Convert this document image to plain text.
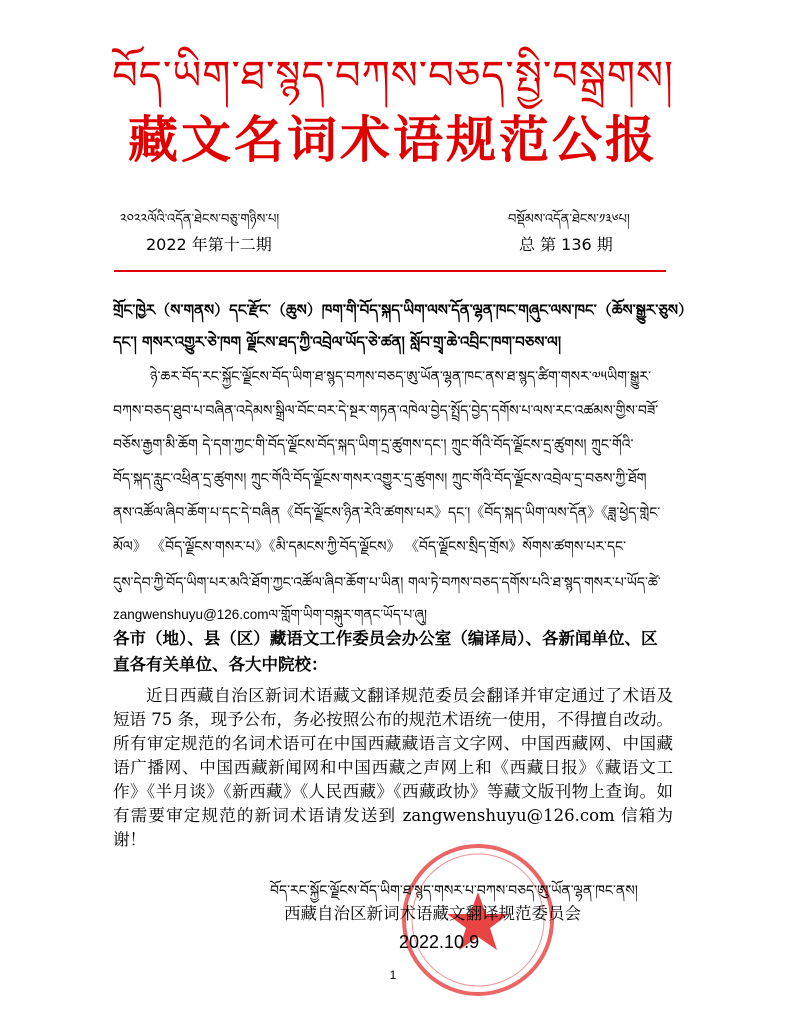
བོད་ཡིག་ཐ་སྙད་བཀས་བཅད་སྤྱི་བསྒྲགས།
藏文名词术语规范公报
༢༠༢༢ལོའི་འདོན་ཐེངས་བཅུ་གཉིས་པ།	བསྡོམས་འདོན་ཐེངས་༡༣༦པ།
2022 年第十二期	总 第 136 期
གྲོང་ཁྱེར（ས་གནས）དང་རྫོང་（ཆུས）ཁག་གི་བོད་སྐད་ཡིག་ལས་དོན་ལྷན་ཁང་གཞུང་ལས་ཁང་（ཆོས་སྒྱུར་ཅུས）
དང་། གསར་འགྱུར་ཅེ་ཁག ལྗོངས་ཐད་ཀྱི་འབྲེལ་ཡོད་ཅེ་ཚན། སློབ་གྲྭ་ཆེ་འབྲིང་ཁག་བཅས་ལ།
ཉེ་ཆར་བོད་རང་སྐྱོང་ལྗོངས་བོད་ཡིག་ཐ་སྙད་བཀས་བཅད་ཨུ་ཡོན་ལྷན་ཁང་ནས་ཐ་སྙད་ཚིག་གསར་༧༥ཡིག་སྒྱུར་
བཀས་བཅད་ཐུབ་པ་བཞིན་འདེམས་སྒྲིལ་བོང་བར་དེ་སྔར་གཏན་འཁེལ་བྱེད་སྤྲོད་བྱེད་དགོས་པ་ལས་རང་འཚམས་གྱིས་བཟོ་
བཅོས་རྒྱག་མི་ཆོག དེ་དག་ཀྱང་གི་བོད་ལྗོངས་བོད་སྐད་ཡིག་དྲ་ཚུགས་དང་། ཀྲུང་གོའི་བོད་ལྗོངས་དྲ་ཚུགས། ཀྲུང་གོའི་
བོད་སྐད་རླུང་འཕྲིན་དྲ་ཚུགས། ཀྲུང་གོའི་བོད་ལྗོངས་གསར་འགྱུར་དྲ་ཚུགས། ཀྲུང་གོའི་བོད་ལྗོངས་འབྲེལ་དྲ་བཅས་ཀྱི་ཐོག
ནས་འཚོལ་ཞིབ་ཆོག་པ་དང་དེ་བཞིན《བོད་ལྗོངས་ཉིན་རེའི་ཚགས་པར》དང་།《བོད་སྐད་ཡིག་ལས་དོན》《ཟླ་ཕྱེད་གླེང་
མོལ》 《བོད་ལྗོངས་གསར་པ》《མི་དམངས་ཀྱི་བོད་ལྗོངས》 《བོད་ལྗོངས་སྲིད་གྲོས》སོགས་ཚགས་པར་དང་
དུས་དེབ་ཀྱི་བོད་ཡིག་པར་མའི་ཐོག་ཀྱང་འཚོལ་ཞིབ་ཆོག་པ་ཡིན། གལ་ཏེ་བཀས་བཅད་དགོས་པའི་ཐ་སྙད་གསར་པ་ཡོད་ཚེ་
zangwenshuyu@126.comལ་གློག་ཡིག་བསྐུར་གནང་ཡོད་པ་ཞུ།
各市（地）、县（区）藏语文工作委员会办公室（编译局）、各新闻单位、区直各有关单位、各大中院校：
近日西藏自治区新词术语藏文翻译规范委员会翻译并审定通过了术语及短语 75 条，现予公布，务必按照公布的规范术语统一使用，不得擅自改动。所有审定规范的名词术语可在中国西藏藏语言文字网、中国西藏网、中国藏语广播网、中国西藏新闻网和中国西藏之声网上和《西藏日报》《藏语文工作》《半月谈》《新西藏》《人民西藏》《西藏政协》等藏文版刊物上查询。如有需要审定规范的新词术语请发送到 zangwenshuyu@126.com 信箱为谢！
བོད་རང་སྐྱོང་ལྗོངས་བོད་ཡིག་ཐ་སྙད་གསར་པ་བཀས་བཅད་ཨུ་ཡོན་ལྷན་ཁང་ནས།
西藏自治区新词术语藏文翻译规范委员会
2022.10.9
1
